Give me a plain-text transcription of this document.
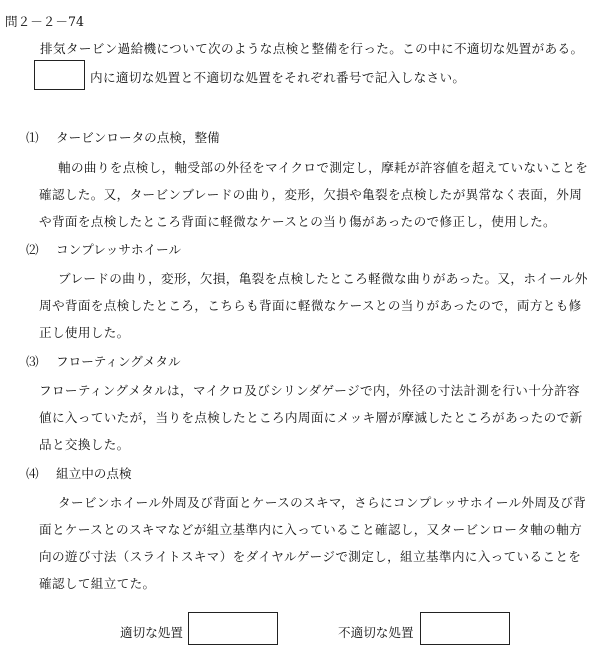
問２－２－74
排気タービン過給機について次のような点検と整備を行った。この中に不適切な処置がある。
内に適切な処置と不適切な処置をそれぞれ番号で記入しなさい。
⑴ タービンロータの点検，整備
軸の曲りを点検し，軸受部の外径をマイクロで測定し，摩耗が許容値を超えていないことを
確認した。又，タービンブレードの曲り，変形，欠損や亀裂を点検したが異常なく表面，外周
や背面を点検したところ背面に軽微なケースとの当り傷があったので修正し，使用した。
⑵ コンプレッサホイール
ブレードの曲り，変形，欠損，亀裂を点検したところ軽微な曲りがあった。又，ホイール外
周や背面を点検したところ，こちらも背面に軽微なケースとの当りがあったので，両方とも修
正し使用した。
⑶ フローティングメタル
フローティングメタルは，マイクロ及びシリンダゲージで内，外径の寸法計測を行い十分許容
値に入っていたが，当りを点検したところ内周面にメッキ層が摩滅したところがあったので新
品と交換した。
⑷ 組立中の点検
タービンホイール外周及び背面とケースのスキマ，さらにコンプレッサホイール外周及び背
面とケースとのスキマなどが組立基準内に入っていること確認し，又タービンロータ軸の軸方
向の遊び寸法（スライトスキマ）をダイヤルゲージで測定し，組立基準内に入っていることを
確認して組立てた。
適切な処置	不適切な処置
